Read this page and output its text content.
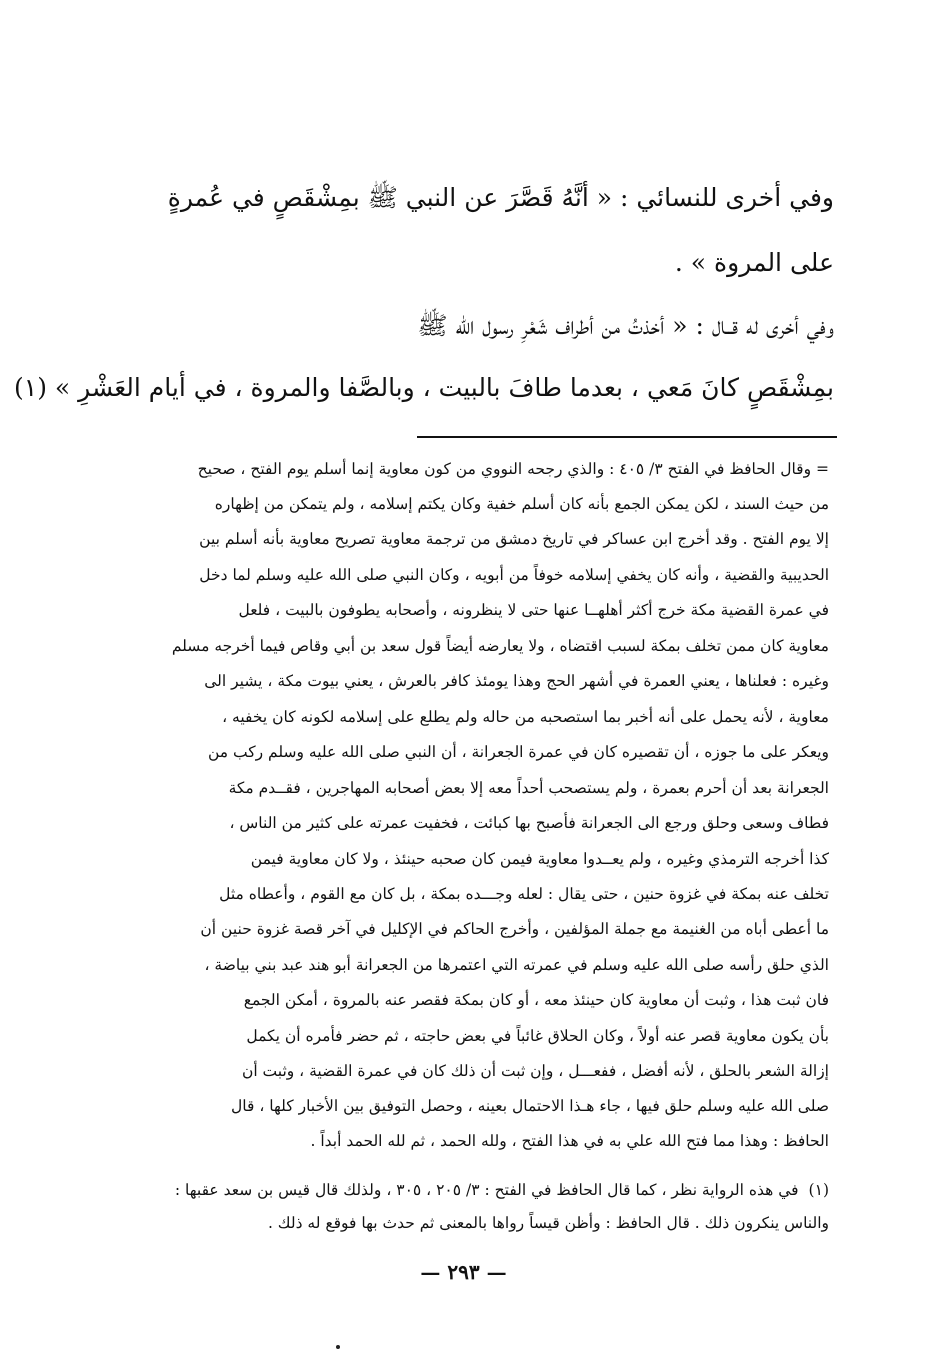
وفي أخرى للنسائي : « أنَّهُ قَصَّرَ عن النبي ﷺ بمِشْقَصٍ في عُمرةٍ
على المروة » .
وفي أخرى له قــال : « أخذتُ من أطراف شَعْرِ رسول الله ﷺ
بمِشْقَصٍ كانَ مَعي ، بعدما طافَ بالبيت ، وبالصَّفا والمروة ، في أيام العَشْرِ » (١)
= وقال الحافظ في الفتح ٣/ ٤٠٥ : والذي رجحه النووي من كون معاوية إنما أسلم يوم الفتح ، صحيح
من حيث السند ، لكن يمكن الجمع بأنه كان أسلم خفية وكان يكتم إسلامه ، ولم يتمكن من إظهاره
إلا يوم الفتح . وقد أخرج ابن عساكر في تاريخ دمشق من ترجمة معاوية تصريح معاوية بأنه أسلم بين
الحديبية والقضية ، وأنه كان يخفي إسلامه خوفاً من أبويه ، وكان النبي صلى الله عليه وسلم لما دخل
في عمرة القضية مكة خرج أكثر أهلهــا عنها حتى لا ينظرونه ، وأصحابه يطوفون بالبيت ، فلعل
معاوية كان ممن تخلف بمكة لسبب اقتضاه ، ولا يعارضه أيضاً قول سعد بن أبي وقاص فيما أخرجه مسلم
وغيره : فعلناها ، يعني العمرة في أشهر الحج وهذا يومئذ كافر بالعرش ، يعني بيوت مكة ، يشير الى
معاوية ، لأنه يحمل على أنه أخبر بما استصحبه من حاله ولم يطلع على إسلامه لكونه كان يخفيه ،
ويعكر على ما جوزه ، أن تقصيره كان في عمرة الجعرانة ، أن النبي صلى الله عليه وسلم ركب من
الجعرانة بعد أن أحرم بعمرة ، ولم يستصحب أحداً معه إلا بعض أصحابه المهاجرين ، فقــدم مكة
فطاف وسعى وحلق ورجع الى الجعرانة فأصبح بها كبائت ، فخفيت عمرته على كثير من الناس ،
كذا أخرجه الترمذي وغيره ، ولم يعــدوا معاوية فيمن كان صحبه حينئذ ، ولا كان معاوية فيمن
تخلف عنه بمكة في غزوة حنين ، حتى يقال : لعله وجـــده بمكة ، بل كان مع القوم ، وأعطاه مثل
ما أعطى أباه من الغنيمة مع جملة المؤلفين ، وأخرج الحاكم في الإكليل في آخر قصة غزوة حنين أن
الذي حلق رأسه صلى الله عليه وسلم في عمرته التي اعتمرها من الجعرانة أبو هند عبد بني بياضة ،
فان ثبت هذا ، وثبت أن معاوية كان حينئذ معه ، أو كان بمكة فقصر عنه بالمروة ، أمكن الجمع
بأن يكون معاوية قصر عنه أولاً ، وكان الحلاق غائباً في بعض حاجته ، ثم حضر فأمره أن يكمل
إزالة الشعر بالحلق ، لأنه أفضل ، ففعـــل ، وإن ثبت أن ذلك كان في عمرة القضية ، وثبت أن
صلى الله عليه وسلم حلق فيها ، جاء هـذا الاحتمال بعينه ، وحصل التوفيق بين الأخبار كلها ، قال
الحافظ : وهذا مما فتح الله علي به في هذا الفتح ، ولله الحمد ، ثم لله الحمد أبداً .
(١)في هذه الرواية نظر ، كما قال الحافظ في الفتح : ٣/ ٢٠٥ ، ٣٠٥ ، ولذلك قال قيس بن سعد عقبها :
والناس ينكرون ذلك . قال الحافظ : وأظن قيساً رواها بالمعنى ثم حدث بها فوقع له ذلك .
— ٢٩٣ —
